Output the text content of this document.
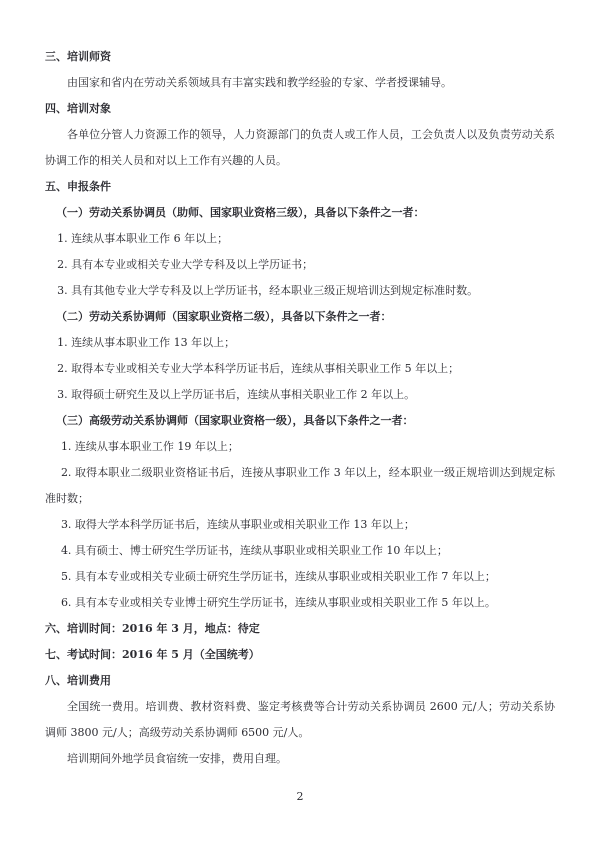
三、培训师资

由国家和省内在劳动关系领域具有丰富实践和教学经验的专家、学者授课辅导。

四、培训对象

各单位分管人力资源工作的领导，人力资源部门的负责人或工作人员，工会负责人以及负责劳动关系协调工作的相关人员和对以上工作有兴趣的人员。

五、申报条件

（一）劳动关系协调员（助师、国家职业资格三级），具备以下条件之一者：

1. 连续从事本职业工作 6 年以上；

2. 具有本专业或相关专业大学专科及以上学历证书；

3. 具有其他专业大学专科及以上学历证书，经本职业三级正规培训达到规定标准时数。

（二）劳动关系协调师（国家职业资格二级），具备以下条件之一者：

1. 连续从事本职业工作 13 年以上；

2. 取得本专业或相关专业大学本科学历证书后，连续从事相关职业工作 5 年以上；

3. 取得硕士研究生及以上学历证书后，连续从事相关职业工作 2 年以上。

（三）高级劳动关系协调师（国家职业资格一级），具备以下条件之一者：

1. 连续从事本职业工作 19 年以上；

2. 取得本职业二级职业资格证书后，连接从事职业工作 3 年以上，经本职业一级正规培训达到规定标准时数；

3. 取得大学本科学历证书后，连续从事职业或相关职业工作 13 年以上；

4. 具有硕士、博士研究生学历证书，连续从事职业或相关职业工作 10 年以上；

5. 具有本专业或相关专业硕士研究生学历证书，连续从事职业或相关职业工作 7 年以上；

6. 具有本专业或相关专业博士研究生学历证书，连续从事职业或相关职业工作 5 年以上。

六、培训时间：2016 年 3 月，地点：待定

七、考试时间：2016 年 5 月（全国统考）

八、培训费用

全国统一费用。培训费、教材资料费、鉴定考核费等合计劳动关系协调员 2600 元/人；劳动关系协调师 3800 元/人；高级劳动关系协调师 6500 元/人。

培训期间外地学员食宿统一安排，费用自理。

2
